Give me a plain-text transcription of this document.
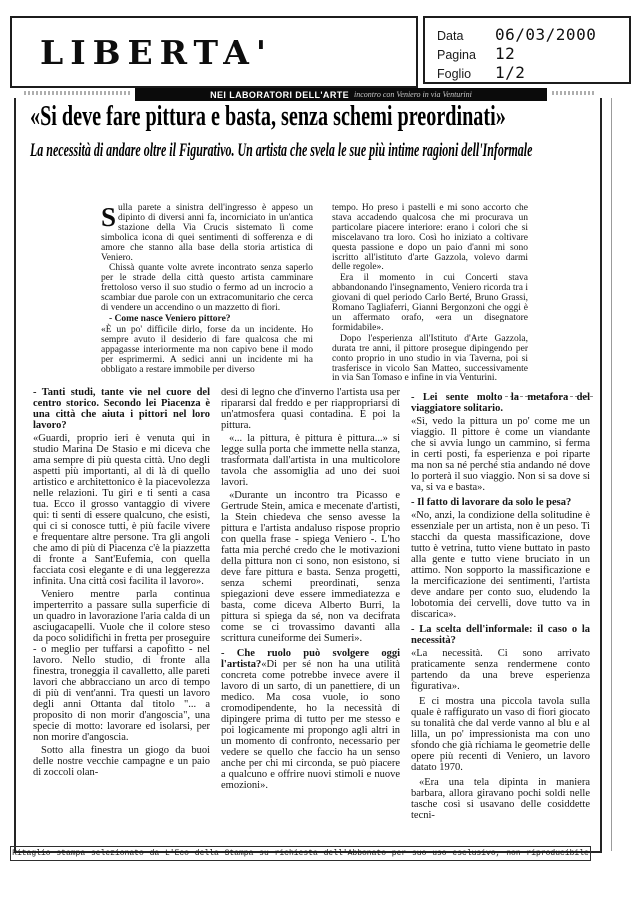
LIBERTA'	Data	06/03/2000
Pagina	12
Foglio	1/2
NEI LABORATORI DELL'ARTE incontro con Veniero in via Venturini
«Si deve fare pittura e basta, senza schemi preordinati»
La necessità di andare oltre il Figurativo. Un artista che svela le sue più intime ragioni dell'Informale

Sulla parete a sinistra dell'ingresso è appeso un dipinto di diversi anni fa, incorniciato in un'antica stazione della Via Crucis sistemato lì come simbolica icona di quei sentimenti di sofferenza e di amore che stanno alla base della storia artistica di Veniero.

Chissà quante volte avrete incontrato senza saperlo per le strade della città questo artista camminare frettoloso verso il suo studio o fermo ad un incrocio a scambiar due parole con un extracomunitario che cerca di vendere un accendino o un mazzetto di fiori.

- Come nasce Veniero pittore?

«È un po' difficile dirlo, forse da un incidente. Ho sempre avuto il desiderio di fare qualcosa che mi appagasse interiormente ma non capivo bene il modo per esprimermi. A sedici anni un incidente mi ha obbligato a restare immobile per diverso

tempo. Ho preso i pastelli e mi sono accorto che stava accadendo qualcosa che mi procurava un particolare piacere interiore: erano i colori che si miscelavano tra loro. Così ho iniziato a coltivare questa passione e dopo un paio d'anni mi sono iscritto all'istituto d'arte Gazzola, volevo darmi delle regole».

Era il momento in cui Concerti stava abbandonando l'insegnamento, Veniero ricorda tra i giovani di quel periodo Carlo Berté, Bruno Grassi, Romano Tagliaferri, Gianni Bergonzoni che oggi è un affermato orafo, «era un disegnatore formidabile».

Dopo l'esperienza all'Istituto d'Arte Gazzola, durata tre anni, il pittore prosegue dipingendo per conto proprio in uno studio in via Taverna, poi si trasferisce in vicolo San Matteo, successivamente in via San Tomaso e infine in via Venturini.

- Tanti studi, tante vie nel cuore del centro storico. Secondo lei Piacenza è una città che aiuta i pittori nel loro lavoro?

«Guardi, proprio ieri è venuta qui in studio Marina De Stasio e mi diceva che ama sempre di più questa città. Uno degli aspetti più importanti, al di là di quello artistico e architettonico è la piacevolezza nelle relazioni. Tu giri e ti senti a casa tua. Ecco il grosso vantaggio di vivere qui: ti senti di essere qualcuno, che esisti, qui ci si conosce tutti, è più facile vivere e frequentare altre persone. Tra gli angoli che amo di più di Piacenza c'è la piazzetta di fronte a Sant'Eufemia, con quella facciata così elegante e di una leggerezza infinita. Una città così facilita il lavoro».

Veniero mentre parla continua imperterrito a passare sulla superficie di un quadro in lavorazione l'aria calda di un asciugacapelli. Vuole che il colore steso da poco solidifichi in fretta per proseguire - o meglio per tuffarsi a capofitto - nel lavoro. Nello studio, di fronte alla finestra, troneggia il cavalletto, alle pareti lavori che abbracciano un arco di tempo di più di vent'anni. Tra questi un lavoro degli anni Ottanta dal titolo "... a proposito di non morir d'angoscia", una specie di motto: lavorare ed isolarsi, per non morire d'angoscia.

Sotto alla finestra un giogo da buoi delle nostre vecchie campagne e un paio di zoccoli olan-

desi di legno che d'inverno l'artista usa per ripararsi dal freddo e per riappropriarsi di un'atmosfera quasi contadina. E poi la pittura.

«... la pittura, è pittura è pittura...» si legge sulla porta che immette nella stanza, trasformata dall'artista in una multicolore tavola che assomiglia ad uno dei suoi lavori.

«Durante un incontro tra Picasso e Gertrude Stein, amica e mecenate d'artisti, la Stein chiedeva che senso avesse la pittura e l'artista andaluso rispose proprio con quella frase - spiega Veniero -. L'ho fatta mia perché credo che le motivazioni della pittura non ci sono, non esistono, si deve fare pittura e basta. Senza progetti, senza schemi preordinati, senza spiegazioni deve essere immediatezza e basta, come diceva Alberto Burri, la pittura si spiega da sé, non va decifrata come se ci trovassimo davanti alla scrittura cuneiforme dei Sumeri».

- Che ruolo può svolgere oggi l'artista?«Di per sé non ha una utilità concreta come potrebbe invece avere il lavoro di un sarto, di un panettiere, di un medico. Ma cosa vuole, io sono cromodipendente, ho la necessità di dipingere prima di tutto per me stesso e poi logicamente mi propongo agli altri in un momento di confronto, necessario per vedere se quello che faccio ha un senso anche per chi mi circonda, se può piacere a qualcuno e offrire nuovi stimoli e nuove emozioni».

- Lei sente molto la metafora del viaggiatore solitario.

«Sì, vedo la pittura un po' come me un viaggio. Il pittore è come un viandante che si avvia lungo un cammino, si ferma in certi posti, fa esperienza e poi riparte ma non sa né perché stia andando né dove lo porterà il suo viaggio. Non si sa dove si va, si va e basta».

- Il fatto di lavorare da solo le pesa?

«No, anzi, la condizione della solitudine è essenziale per un artista, non è un peso. Ti stacchi da questa massificazione, dove tutto è vetrina, tutto viene buttato in pasto alla gente e tutto viene bruciato in un attimo. Non sopporto la massificazione e la mercificazione dei sentimenti, l'artista deve andare per conto suo, eludendo la lobotomia dei cervelli, dove tutto va in discarica».

- La scelta dell'informale: il caso o la necessità?

«La necessità. Ci sono arrivato praticamente senza rendermene conto partendo da una breve esperienza figurativa».

E ci mostra una piccola tavola sulla quale è raffigurato un vaso di fiori giocato su tonalità che dal verde vanno al blu e al lilla, un po' impressionista ma con uno sfondo che già richiama le geometrie delle opere più recenti di Veniero, un lavoro datato 1970.

«Era una tela dipinta in maniera barbara, allora giravano pochi soldi nelle tasche così si usavano delle cosiddette tecni-

Ritaglio stampa selezionato da L'Eco della Stampa su richiesta dell'Abbonato per suo uso esclusivo, non riproducibile
